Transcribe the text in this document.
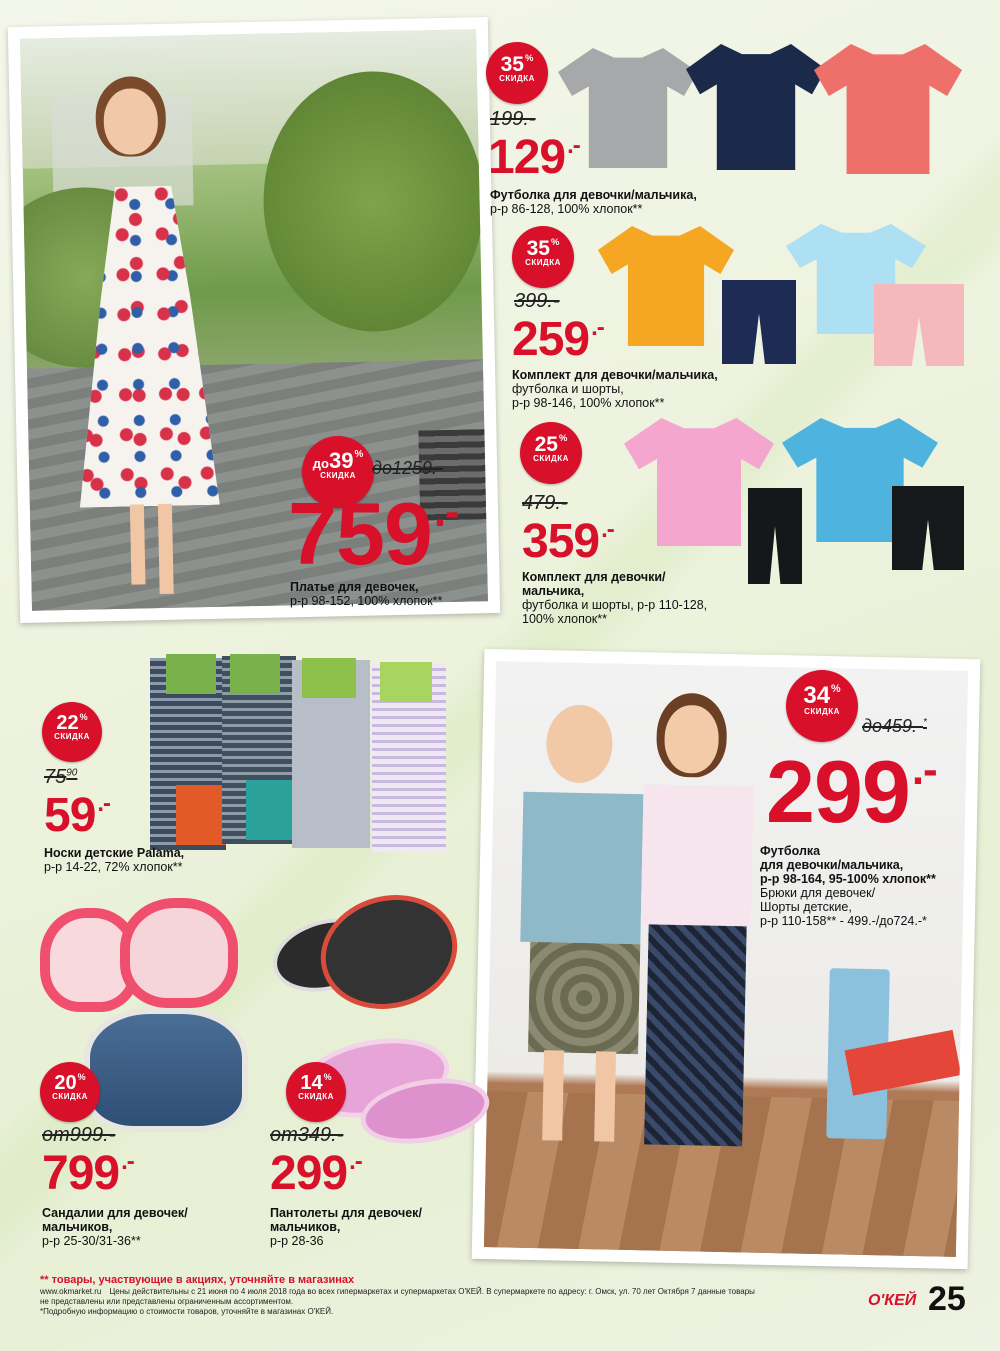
до39%
СКИДКА до1259.-
759.-
Платье для девочек,
р-р 98-152, 100% хлопок**
35%
СКИДКА
199.-
129.-
Футболка для девочки/мальчика,
р-р 86-128, 100% хлопок**
35%
СКИДКА
399.-
259.-
Комплект для девочки/мальчика,
футболка и шорты,
р-р 98-146, 100% хлопок**
25%
СКИДКА
479.-
359.-
Комплект для девочки/
мальчика,
футболка и шорты, р-р 110-128,
100% хлопок**
22%
СКИДКА
$75^{90}$
59.-
Носки детские Palama,
р-р 14-22, 72% хлопок**
34%
СКИДКА
до459.-*
299.-
Футболка
для девочки/мальчика,
р-р 98-164, 95-100% хлопок**
Брюки для девочек/
Шорты детские,
р-р 110-158** - 499.-/до724.-*
20%
СКИДКА
от999.-
799.-
Сандалии для девочек/
мальчиков,
р-р 25-30/31-36**
14%
СКИДКА
от349.-
299.-
Пантолеты для девочек/
мальчиков,
р-р 28-36
** товары, участвующие в акциях, уточняйте в магазинах
www.okmarket.ru Цены действительны с 21 июня по 4 июля 2018 года во всех гипермаркетах и супермаркетах О'КЕЙ. В супермаркете по адресу: г. Омск, ул. 70 лет Октября 7 данные товары
не представлены или представлены ограниченным ассортиментом.
*Подробную информацию о стоимости товаров, уточняйте в магазинах О'КЕЙ.
О'КЕЙ 25
